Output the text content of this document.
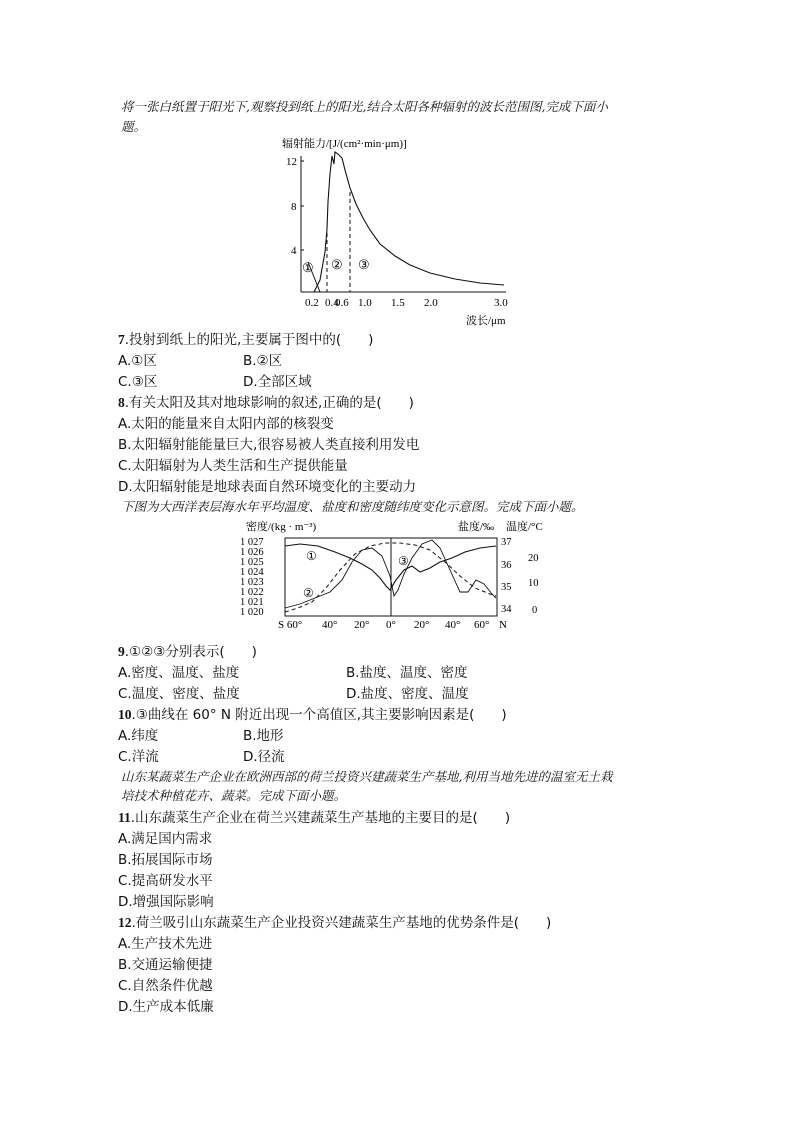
将一张白纸置于阳光下,观察投到纸上的阳光,结合太阳各种辐射的波长范围图,完成下面小
题。
辐射能力/[J/(cm²·min·μm)]
12
8
4
① ② ③
0.2 0.4
0.6 1.0 1.5 2.0	3.0
波长/μm
7.投射到纸上的阳光,主要属于图中的(　　)
A.①区	B.②区
C.③区	D.全部区域
8.有关太阳及其对地球影响的叙述,正确的是(　　)
A.太阳的能量来自太阳内部的核裂变
B.太阳辐射能能量巨大,很容易被人类直接利用发电
C.太阳辐射为人类生活和生产提供能量
D.太阳辐射能是地球表面自然环境变化的主要动力
下图为大西洋表层海水年平均温度、盐度和密度随纬度变化示意图。完成下面小题。
密度/(kg · m⁻³)	盐度/‰ 温度/°C
1 027
1 026
1 025
1 024
1 023
1 022
1 021
1 020
37
36
35
34
20
10
0
①
②
③
S 60° 40° 20° 0° 20° 40° 60° N
9.①②③分别表示(　　)
A.密度、温度、盐度	B.盐度、温度、密度
C.温度、密度、盐度	D.盐度、密度、温度
10.③曲线在 60° N 附近出现一个高值区,其主要影响因素是(　　)
A.纬度	B.地形
C.洋流	D.径流
山东某蔬菜生产企业在欧洲西部的荷兰投资兴建蔬菜生产基地,利用当地先进的温室无土栽
培技术种植花卉、蔬菜。完成下面小题。
11.山东蔬菜生产企业在荷兰兴建蔬菜生产基地的主要目的是(　　)
A.满足国内需求
B.拓展国际市场
C.提高研发水平
D.增强国际影响
12.荷兰吸引山东蔬菜生产企业投资兴建蔬菜生产基地的优势条件是(　　)
A.生产技术先进
B.交通运输便捷
C.自然条件优越
D.生产成本低廉
